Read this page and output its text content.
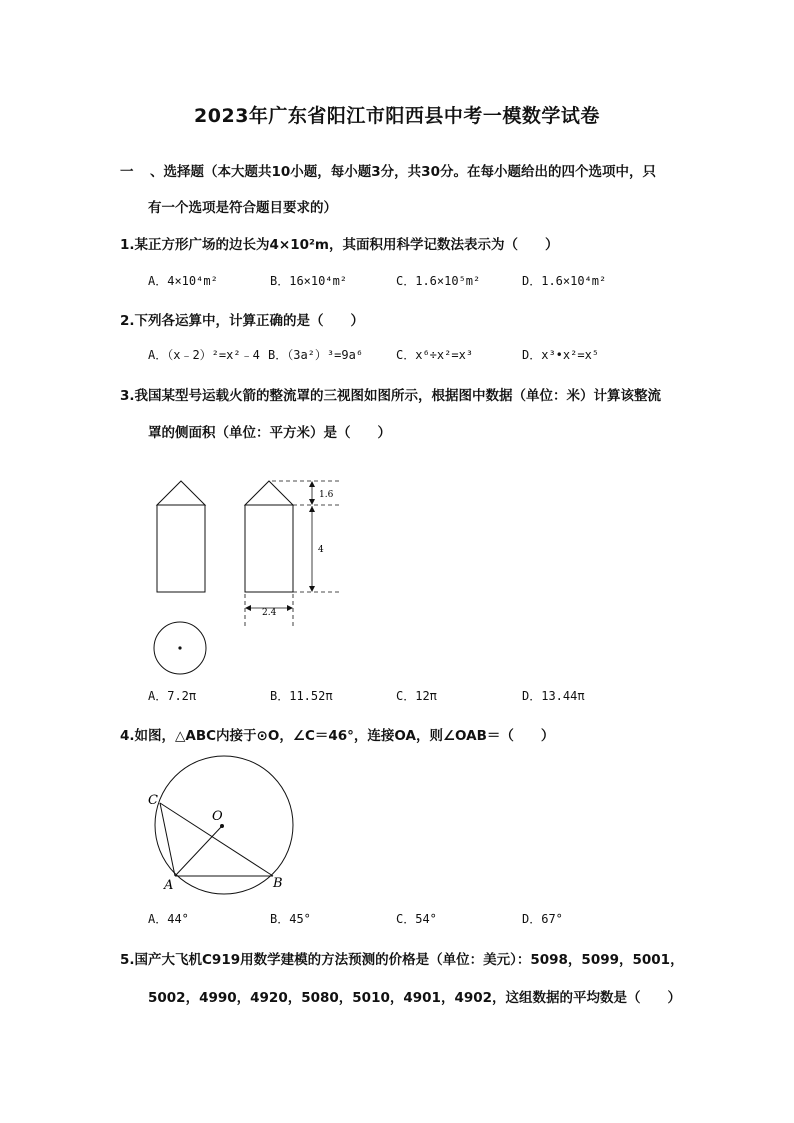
2023年广东省阳江市阳西县中考一模数学试卷
一 、选择题（本大题共10小题，每小题3分，共30分。在每小题给出的四个选项中，只
有一个选项是符合题目要求的）
1.某正方形广场的边长为4×10²m，其面积用科学记数法表示为（　　）
A．4×10⁴m²	B．16×10⁴m²	C．1.6×10⁵m²	D．1.6×10⁴m²
2.下列各运算中，计算正确的是（　　）
A．（x﹣2）²=x²﹣4 B．（3a²）³=9a⁶	C．x⁶÷x²=x³	D．x³•x²=x⁵
3.我国某型号运载火箭的整流罩的三视图如图所示，根据图中数据（单位：米）计算该整流
罩的侧面积（单位：平方米）是（　　）
1.6
4
2.4
A．7.2π	B．11.52π	C．12π	D．13.44π
4.如图，△ABC内接于⊙O，∠C＝46°，连接OA，则∠OAB＝（　　）
C
O
A	B
A．44°	B．45°	C．54°	D．67°
5.国产大飞机C919用数学建模的方法预测的价格是（单位：美元）：5098，5099，5001，
5002，4990，4920，5080，5010，4901，4902，这组数据的平均数是（　　）
